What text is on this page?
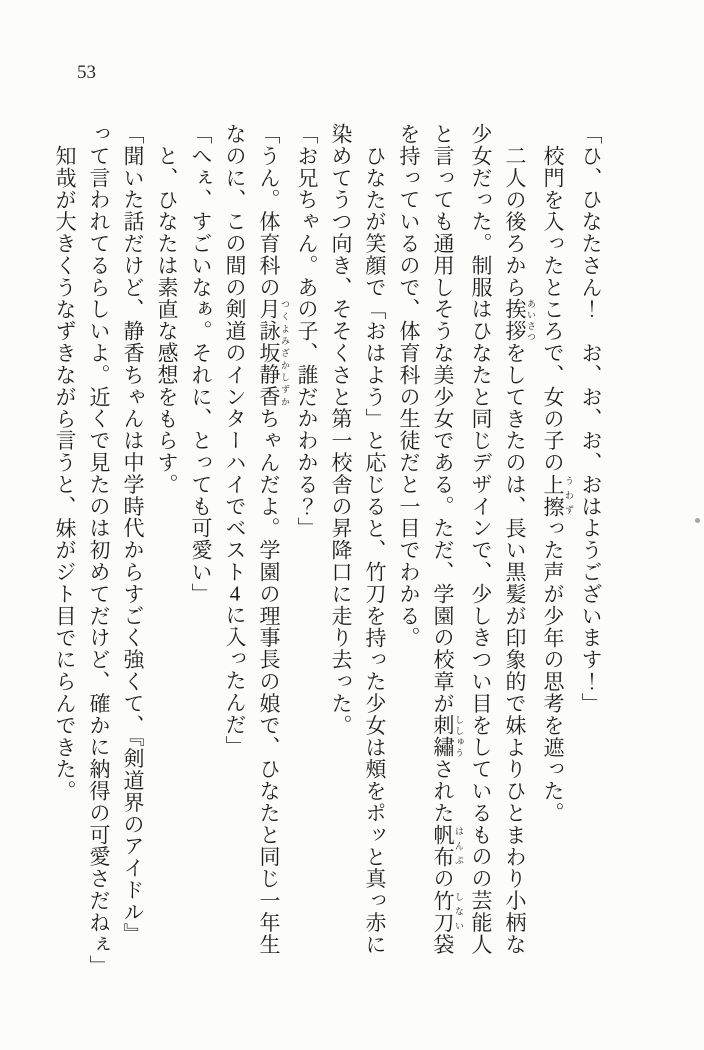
53
「ひ、ひなたさん！　お、お、お、おはようございます！」
校門を入ったところで、女の子の上擦 うわずった声が少年の思考を遮った。
二人の後ろから挨拶 あいさつをしてきたのは、長い黒髪が印象的で妹よりひとまわり小柄な
少女だった。制服はひなたと同じデザインで、少しきつい目をしているものの芸能人
と言っても通用しそうな美少女である。ただ、学園の校章が刺繡 ししゅうされた帆布 はんぷの竹刀 しない袋
を持っているので、体育科の生徒だと一目でわかる。
ひなたが笑顔で「おはよう」と応じると、竹刀を持った少女は頰をポッと真っ赤に
染めてうつ向き、そそくさと第一校舎の昇降口に走り去った。
「お兄ちゃん。あの子、誰だかわかる？」
「うん。体育科の月詠坂静香 つくよみざかしずかちゃんだよ。学園の理事長の娘で、ひなたと同じ一年生
なのに、この間の剣道のインターハイでベスト4に入ったんだ」
「へぇ、すごいなぁ。それに、とっても可愛い」
と、ひなたは素直な感想をもらす。
「聞いた話だけど、静香ちゃんは中学時代からすごく強くて、『剣道界のアイドル』
って言われてるらしいよ。近くで見たのは初めてだけど、確かに納得の可愛さだねぇ」
知哉が大きくうなずきながら言うと、妹がジト目でにらんできた。
